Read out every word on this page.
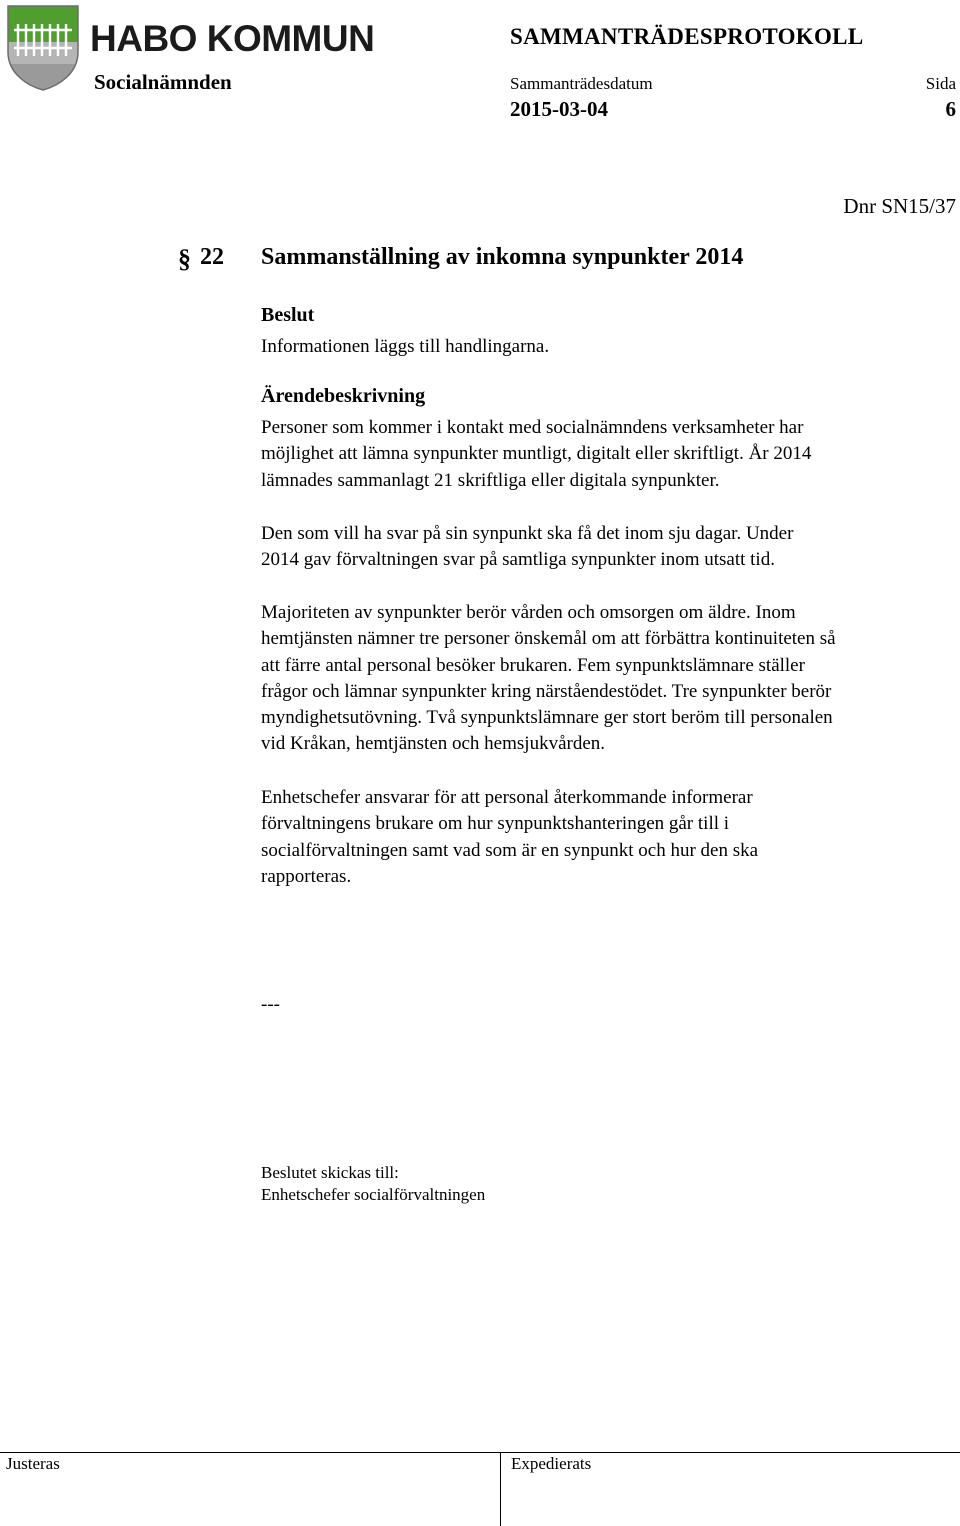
HABO KOMMUN	SAMMANTRÄDESPROTOKOLL
Socialnämnden	Sammanträdesdatum	Sida
2015-03-04	6
Dnr SN15/37
§ 22 Sammanställning av inkomna synpunkter 2014
Beslut
Informationen läggs till handlingarna.
Ärendebeskrivning
Personer som kommer i kontakt med socialnämndens verksamheter har
möjlighet att lämna synpunkter muntligt, digitalt eller skriftligt. År 2014
lämnades sammanlagt 21 skriftliga eller digitala synpunkter.
Den som vill ha svar på sin synpunkt ska få det inom sju dagar. Under
2014 gav förvaltningen svar på samtliga synpunkter inom utsatt tid.
Majoriteten av synpunkter berör vården och omsorgen om äldre. Inom
hemtjänsten nämner tre personer önskemål om att förbättra kontinuiteten så
att färre antal personal besöker brukaren. Fem synpunktslämnare ställer
frågor och lämnar synpunkter kring närståendestödet. Tre synpunkter berör
myndighetsutövning. Två synpunktslämnare ger stort beröm till personalen
vid Kråkan, hemtjänsten och hemsjukvården.
Enhetschefer ansvarar för att personal återkommande informerar
förvaltningens brukare om hur synpunktshanteringen går till i
socialförvaltningen samt vad som är en synpunkt och hur den ska
rapporteras.
---
Beslutet skickas till:
Enhetschefer socialförvaltningen
Justeras	Expedierats
